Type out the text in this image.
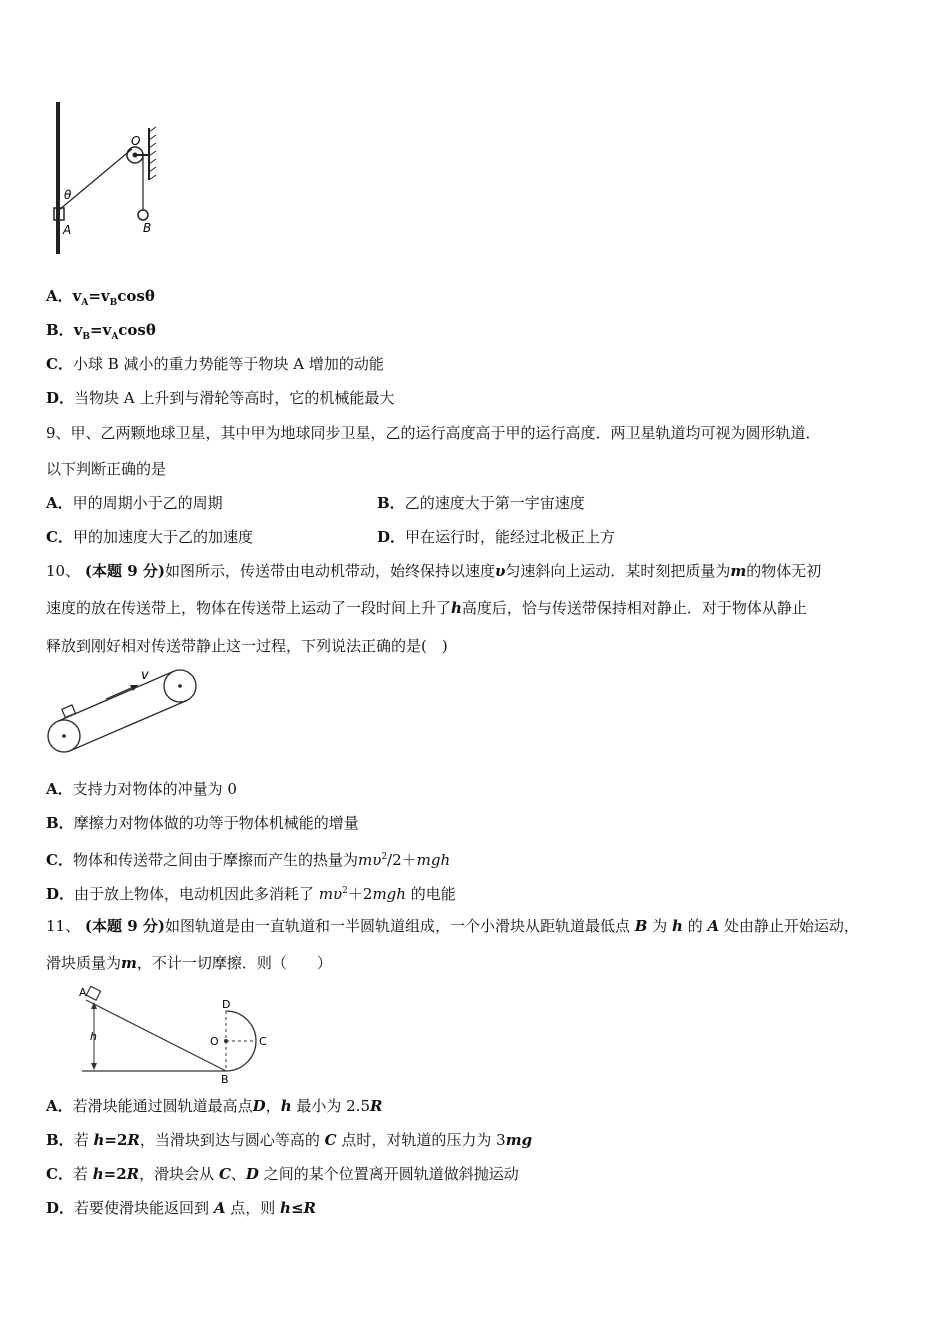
O
θ
A	B
A．$v_A=v_B\cos\theta$
B．$v_B=v_A\cos\theta$
C．小球 B 减小的重力势能等于物块 A 增加的动能
D．当物块 A 上升到与滑轮等高时，它的机械能最大
9、甲、乙两颗地球卫星，其中甲为地球同步卫星，乙的运行高度高于甲的运行高度．两卫星轨道均可视为圆形轨道．
以下判断正确的是
A．甲的周期小于乙的周期	B．乙的速度大于第一宇宙速度
C．甲的加速度大于乙的加速度	D．甲在运行时，能经过北极正上方
10、 (本题 9 分)如图所示，传送带由电动机带动，始终保持以速度υ匀速斜向上运动．某时刻把质量为m的物体无初
速度的放在传送带上，物体在传送带上运动了一段时间上升了h高度后，恰与传送带保持相对静止．对于物体从静止
释放到刚好相对传送带静止这一过程，下列说法正确的是(　)
v
A．支持力对物体的冲量为 0
B．摩擦力对物体做的功等于物体机械能的增量
C．物体和传送带之间由于摩擦而产生的热量为$m\upsilon^2/2+mgh$
D．由于放上物体，电动机因此多消耗了 $m\upsilon^2+2mgh$ 的电能
11、 (本题 9 分)如图轨道是由一直轨道和一半圆轨道组成，一个小滑块从距轨道最低点 B 为 h 的 A 处由静止开始运动，
滑块质量为m，不计一切摩擦．则（　　）
A
h
D
O	C
B
A．若滑块能通过圆轨道最高点D，h 最小为 2.5R
B．若 h=2R，当滑块到达与圆心等高的 C 点时，对轨道的压力为 3mg
C．若 h=2R，滑块会从 C、D 之间的某个位置离开圆轨道做斜抛运动
D．若要使滑块能返回到 A 点，则 h≤R
